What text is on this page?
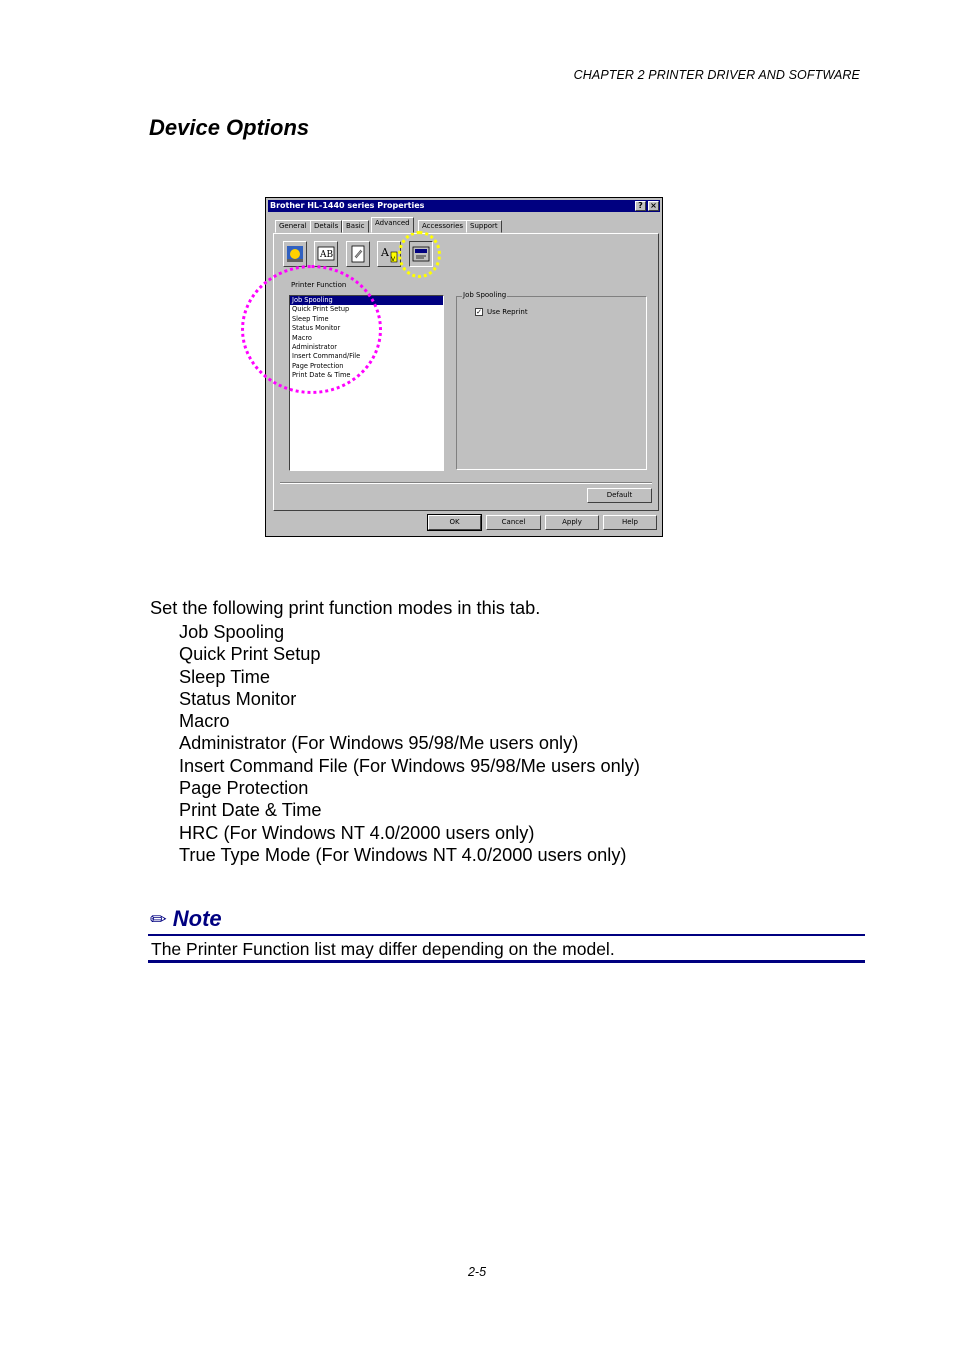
CHAPTER 2 PRINTER DRIVER AND SOFTWARE
Device Options
Brother HL-1440 series Properties	? ×
General	Details	Basic	Advanced	Accessories Support
AB	A
V
Printer Function
Job Spooling
Quick Print Setup
Sleep Time
Status Monitor
Macro
Administrator
Insert Command/File
Page Protection
Print Date & Time
Job Spooling
✓ Use Reprint
Default
OK	Cancel	Apply	Help
Set the following print function modes in this tab.
Job Spooling
Quick Print Setup
Sleep Time
Status Monitor
Macro
Administrator (For Windows 95/98/Me users only)
Insert Command File (For Windows 95/98/Me users only)
Page Protection
Print Date & Time
HRC (For Windows NT 4.0/2000 users only)
True Type Mode (For Windows NT 4.0/2000 users only)
✏ Note
The Printer Function list may differ depending on the model.
2-5
